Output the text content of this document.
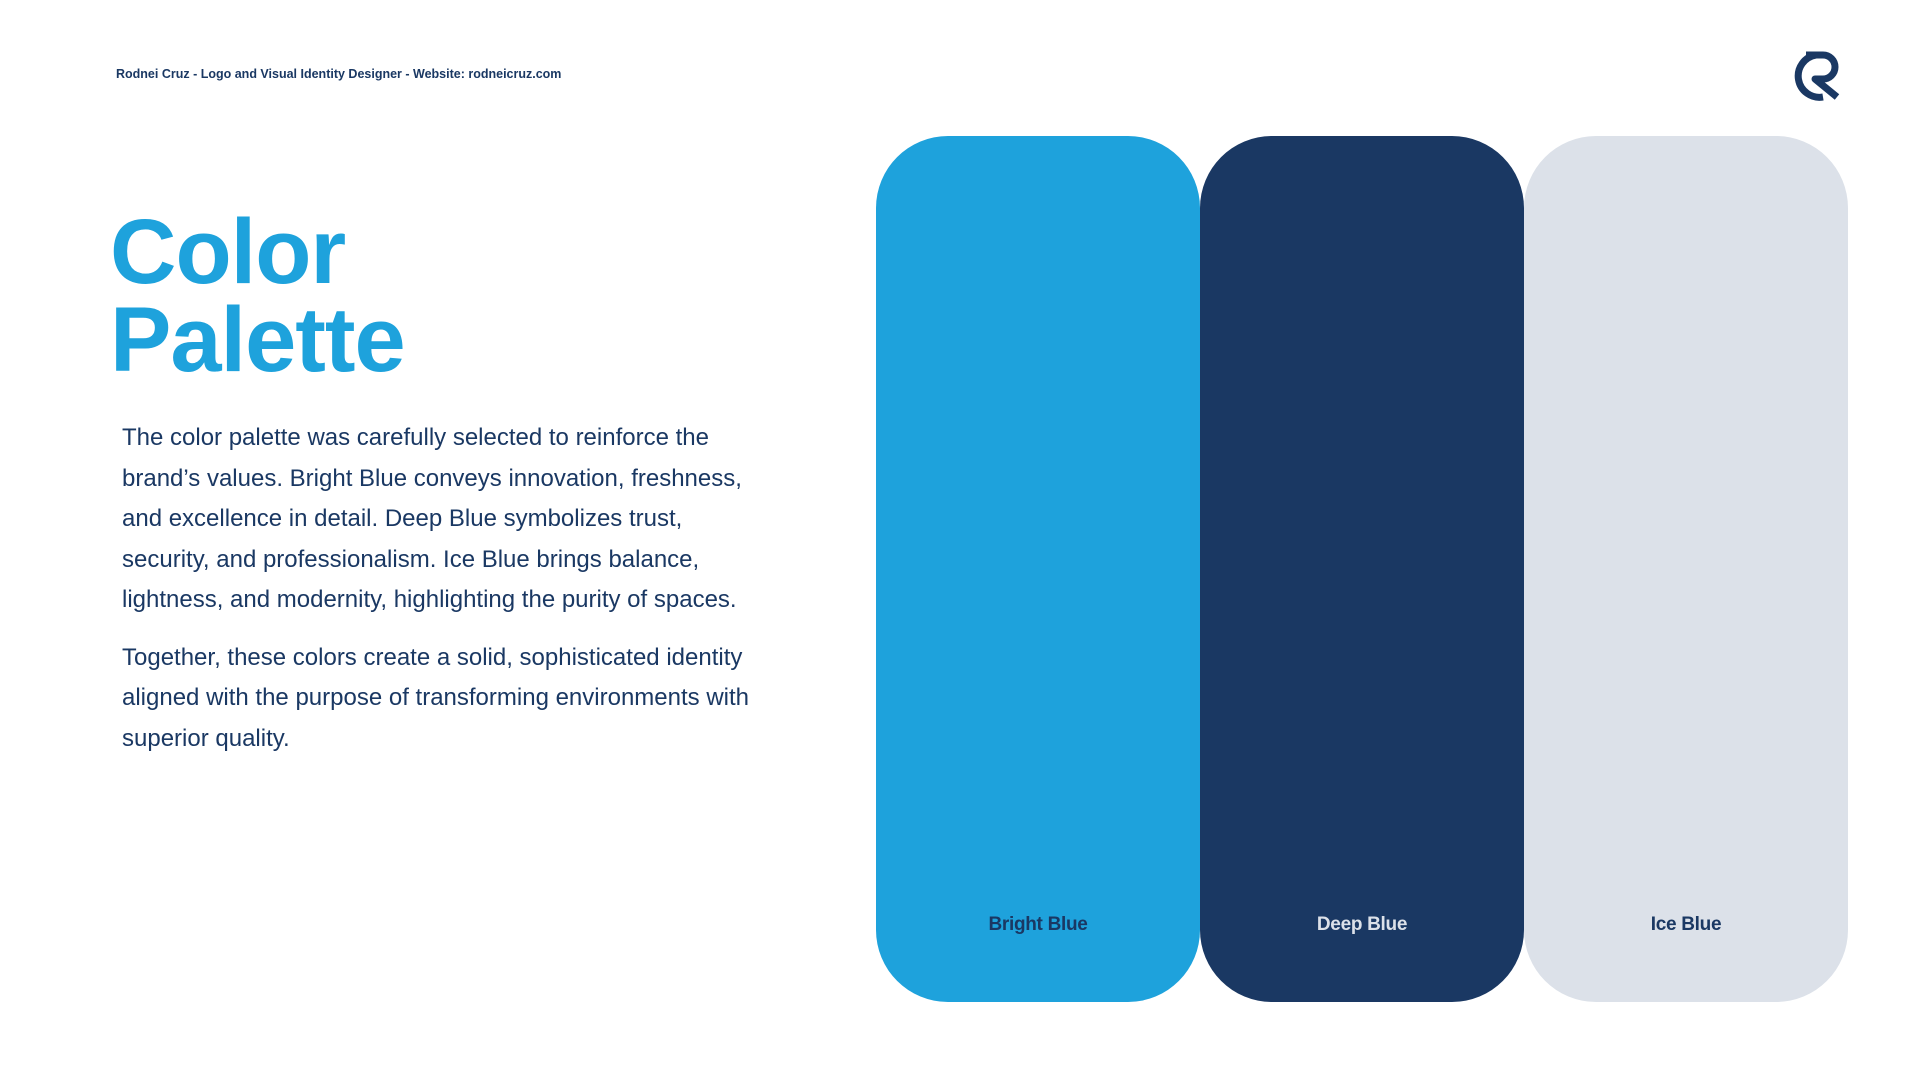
Rodnei Cruz - Logo and Visual Identity Designer - Website: rodneicruz.com
Color
Palette

The color palette was carefully selected to reinforce the brand’s values. Bright Blue conveys innovation, freshness, and excellence in detail. Deep Blue symbolizes trust, security, and professionalism. Ice Blue brings balance, lightness, and modernity, highlighting the purity of spaces.

Together, these colors create a solid, sophisticated identity aligned with the purpose of transforming environments with superior quality.

Bright Blue	Deep Blue	Ice Blue
